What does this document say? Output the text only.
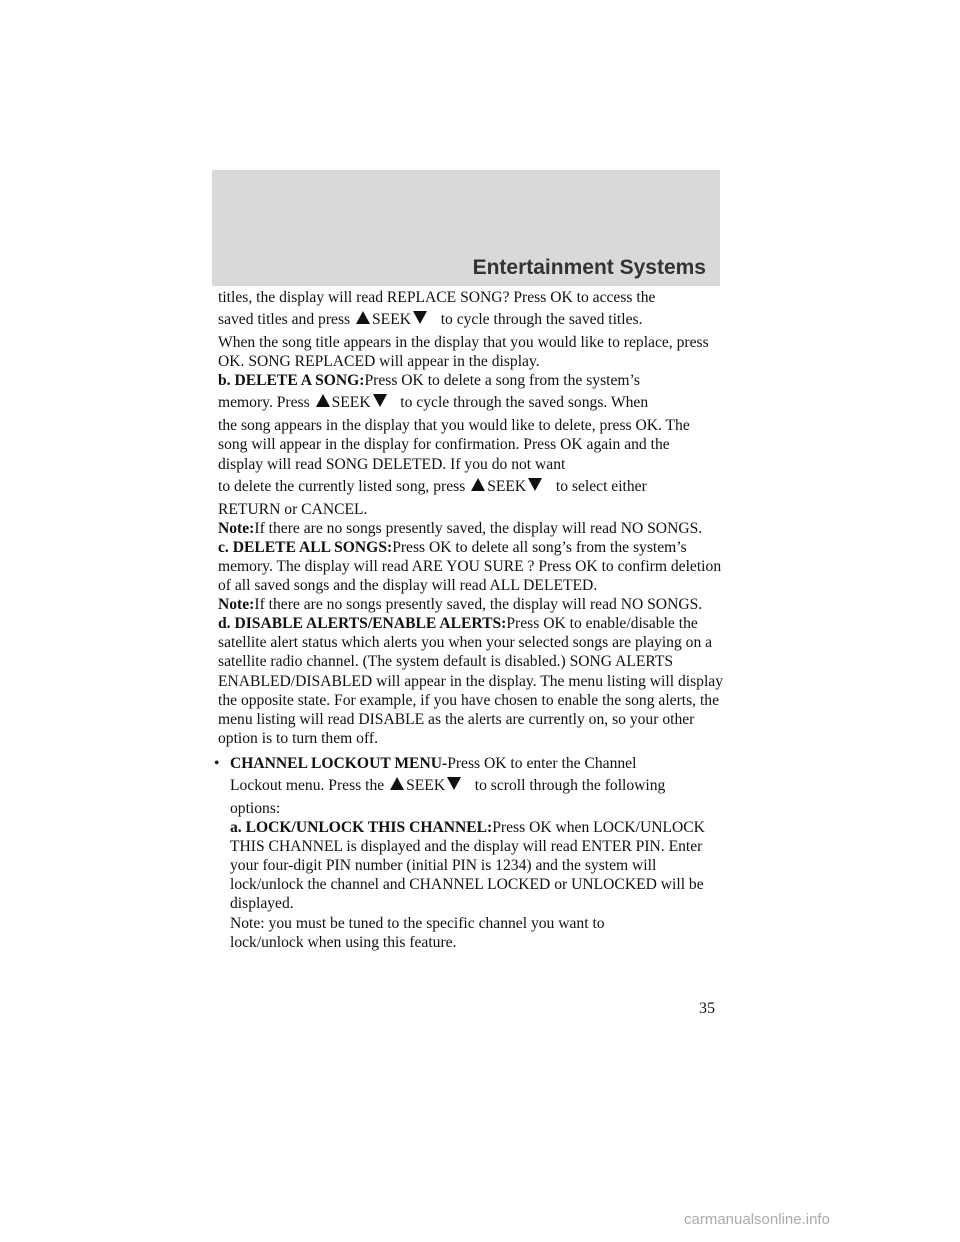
Entertainment Systems

titles, the display will read REPLACE SONG? Press OK to access the

saved titles and press SEEK to cycle through the saved titles.

When the song title appears in the display that you would like to replace, press OK. SONG REPLACED will appear in the display.

b. DELETE A SONG:Press OK to delete a song from the system’s

memory. Press SEEK to cycle through the saved songs. When

the song appears in the display that you would like to delete, press OK. The song will appear in the display for confirmation. Press OK again and the display will read SONG DELETED. If you do not want

to delete the currently listed song, press SEEK to select either

RETURN or CANCEL.

Note:If there are no songs presently saved, the display will read NO SONGS.

c. DELETE ALL SONGS:Press OK to delete all song’s from the system’s memory. The display will read ARE YOU SURE ? Press OK to confirm deletion of all saved songs and the display will read ALL DELETED.

Note:If there are no songs presently saved, the display will read NO SONGS.

d. DISABLE ALERTS/ENABLE ALERTS:Press OK to enable/disable the satellite alert status which alerts you when your selected songs are playing on a satellite radio channel. (The system default is disabled.) SONG ALERTS ENABLED/DISABLED will appear in the display. The menu listing will display the opposite state. For example, if you have chosen to enable the song alerts, the menu listing will read DISABLE as the alerts are currently on, so your other option is to turn them off.

• CHANNEL LOCKOUT MENU-Press OK to enter the Channel

Lockout menu. Press the SEEK to scroll through the following

options:

a. LOCK/UNLOCK THIS CHANNEL:Press OK when LOCK/UNLOCK THIS CHANNEL is displayed and the display will read ENTER PIN. Enter your four-digit PIN number (initial PIN is 1234) and the system will lock/unlock the channel and CHANNEL LOCKED or UNLOCKED will be displayed.

Note: you must be tuned to the specific channel you want to lock/unlock when using this feature.

35
carmanualsonline.info
